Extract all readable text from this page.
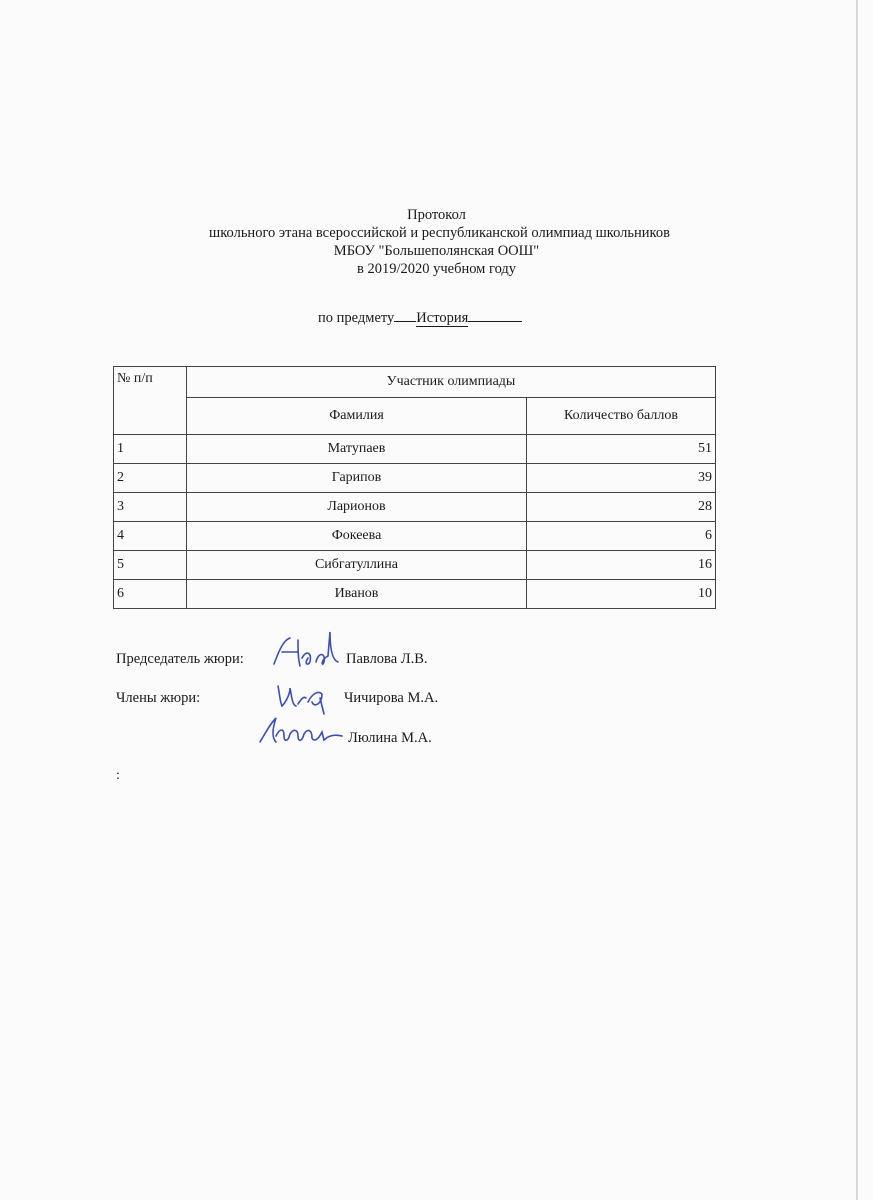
Протокол
школьного этана всероссийской и республиканской олимпиад школьников
МБОУ "Большеполянская ООШ"
в 2019/2020 учебном году
по предмету История
№ п/п	Участник олимпиады	
	Фамилия	Количество баллов
1	Матупаев	51
2	Гарипов	39
3	Ларионов	28
4	Фокеева	6
5	Сибгатуллина	16
6	Иванов	10
Председатель жюри:	Павлова Л.В.
Члены жюри:	Чичирова М.А.
Люлина М.А.
:
